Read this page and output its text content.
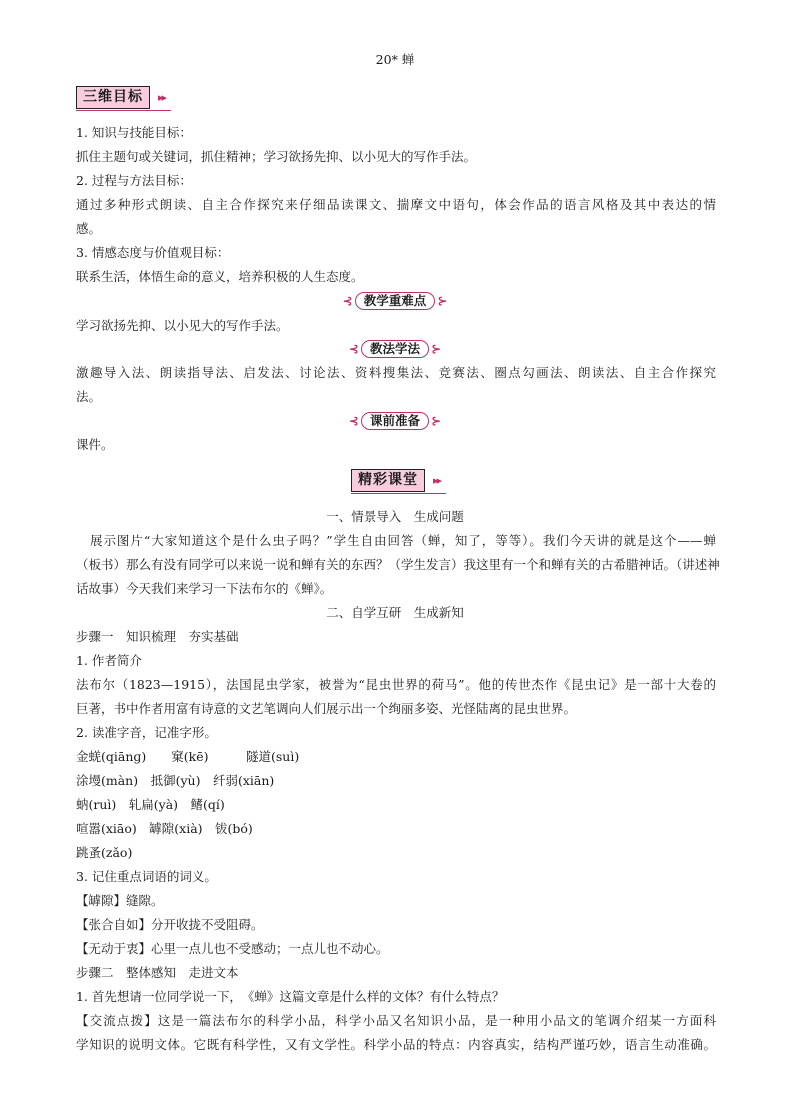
20* 蝉
三维目标	▸▸
1. 知识与技能目标：
抓住主题句或关键词，抓住精神；学习欲扬先抑、以小见大的写作手法。
2. 过程与方法目标：
通过多种形式朗读、自主合作探究来仔细品读课文、揣摩文中语句，体会作品的语言风格及其中表达的情
感。
3. 情感态度与价值观目标：
联系生活，体悟生命的意义，培养积极的人生态度。
⊰ 教学重难点 ⊱
学习欲扬先抑、以小见大的写作手法。
⊰ 教法学法 ⊱
激趣导入法、朗读指导法、启发法、讨论法、资料搜集法、竞赛法、圈点勾画法、朗读法、自主合作探究
法。
⊰ 课前准备 ⊱
课件。
精彩课堂	▸▸
一、情景导入　生成问题
展示图片“大家知道这个是什么虫子吗？”学生自由回答（蝉，知了，等等）。我们今天讲的就是这个——蝉
（板书）那么有没有同学可以来说一说和蝉有关的东西？（学生发言）我这里有一个和蝉有关的古希腊神话。（讲述神
话故事）今天我们来学习一下法布尔的《蝉》。
二、自学互研　生成新知
步骤一　知识梳理　夯实基础
1. 作者简介
法布尔（1823—1915），法国昆虫学家，被誉为“昆虫世界的荷马”。他的传世杰作《昆虫记》是一部十大卷的
巨著，书中作者用富有诗意的文艺笔调向人们展示出一个绚丽多姿、光怪陆离的昆虫世界。
2. 读准字音，记准字形。
金蜣(qiānɡ)　　窠(kē)　　　隧道(suì)
涂墁(màn)　抵御(yù)　纤弱(xiān)
蚋(ruì)　轧扁(yà)　鳍(qí)
喧嚣(xiāo)　罅隙(xià)　钹(bó)
跳蚤(zǎo)
3. 记住重点词语的词义。
【罅隙】缝隙。
【张合自如】分开收拢不受阻碍。
【无动于衷】心里一点儿也不受感动；一点儿也不动心。
步骤二　整体感知　走进文本
1. 首先想请一位同学说一下，　《蝉》这篇文章是什么样的文体？有什么特点？
【交流点拨】这是一篇法布尔的科学小品，科学小品又名知识小品，是一种用小品文的笔调介绍某一方面科
学知识的说明文体。它既有科学性，又有文学性。科学小品的特点：内容真实，结构严谨巧妙，语言生动准确。
